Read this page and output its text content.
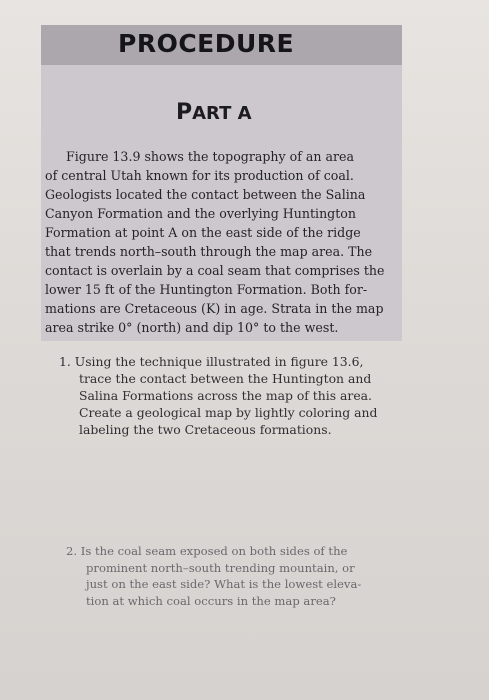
PROCEDURE
PART A

Figure 13.9 shows the topography of an area
of central Utah known for its production of coal.
Geologists located the contact between the Salina
Canyon Formation and the overlying Huntington
Formation at point A on the east side of the ridge
that trends north–south through the map area. The
contact is overlain by a coal seam that comprises the
lower 15 ft of the Huntington Formation. Both for-
mations are Cretaceous (K) in age. Strata in the map
area strike 0° (north) and dip 10° to the west.

1. Using the technique illustrated in figure 13.6,
trace the contact between the Huntington and
Salina Formations across the map of this area.
Create a geological map by lightly coloring and
labeling the two Cretaceous formations.

2. Is the coal seam exposed on both sides of the
prominent north–south trending mountain, or
just on the east side? What is the lowest eleva-
tion at which coal occurs in the map area?
